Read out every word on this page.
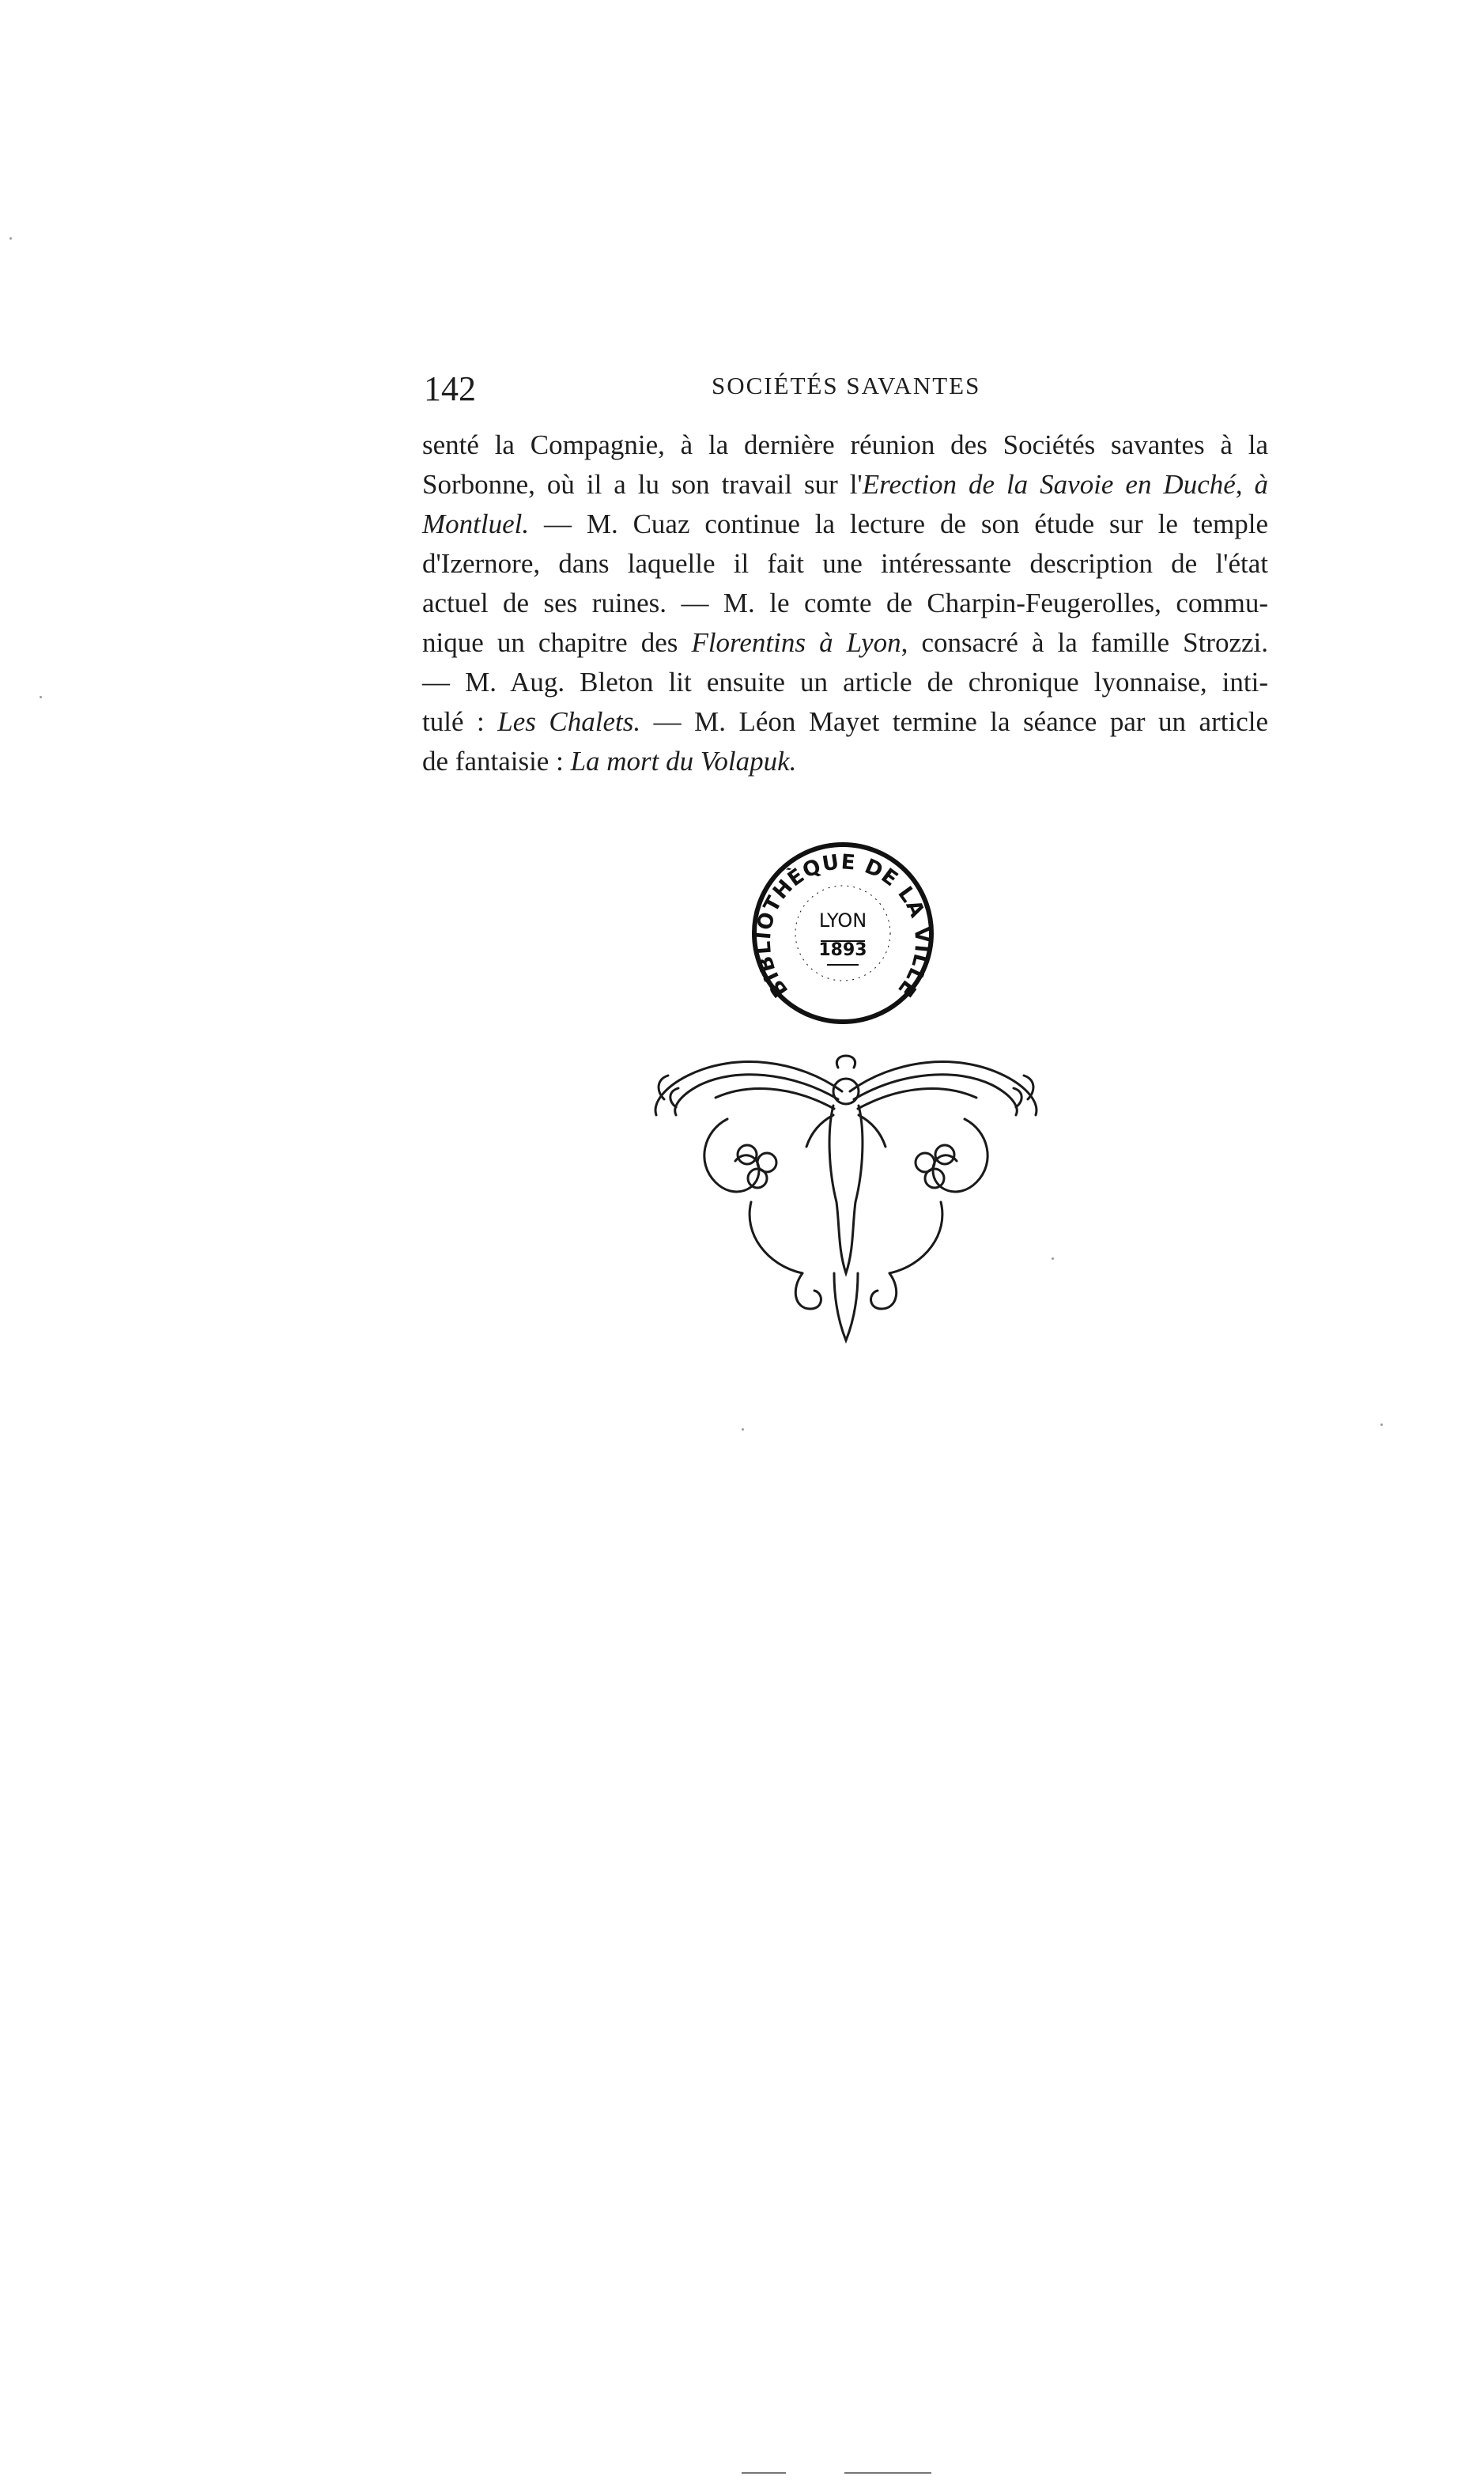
142	SOCIÉTÉS SAVANTES
senté la Compagnie, à la dernière réunion des Sociétés savantes à la
Sorbonne, où il a lu son travail sur l'Erection de la Savoie en Duché, à
Montluel. — M. Cuaz continue la lecture de son étude sur le temple
d'Izernore, dans laquelle il fait une intéressante description de l'état
actuel de ses ruines. — M. le comte de Charpin-Feugerolles, commu-
nique un chapitre des Florentins à Lyon, consacré à la famille Strozzi.
— M. Aug. Bleton lit ensuite un article de chronique lyonnaise, inti-
tulé : Les Chalets. — M. Léon Mayet termine la séance par un article
de fantaisie : La mort du Volapuk.
BIBLIOTHÈQUE DE LA VILLE
LYON
1893
